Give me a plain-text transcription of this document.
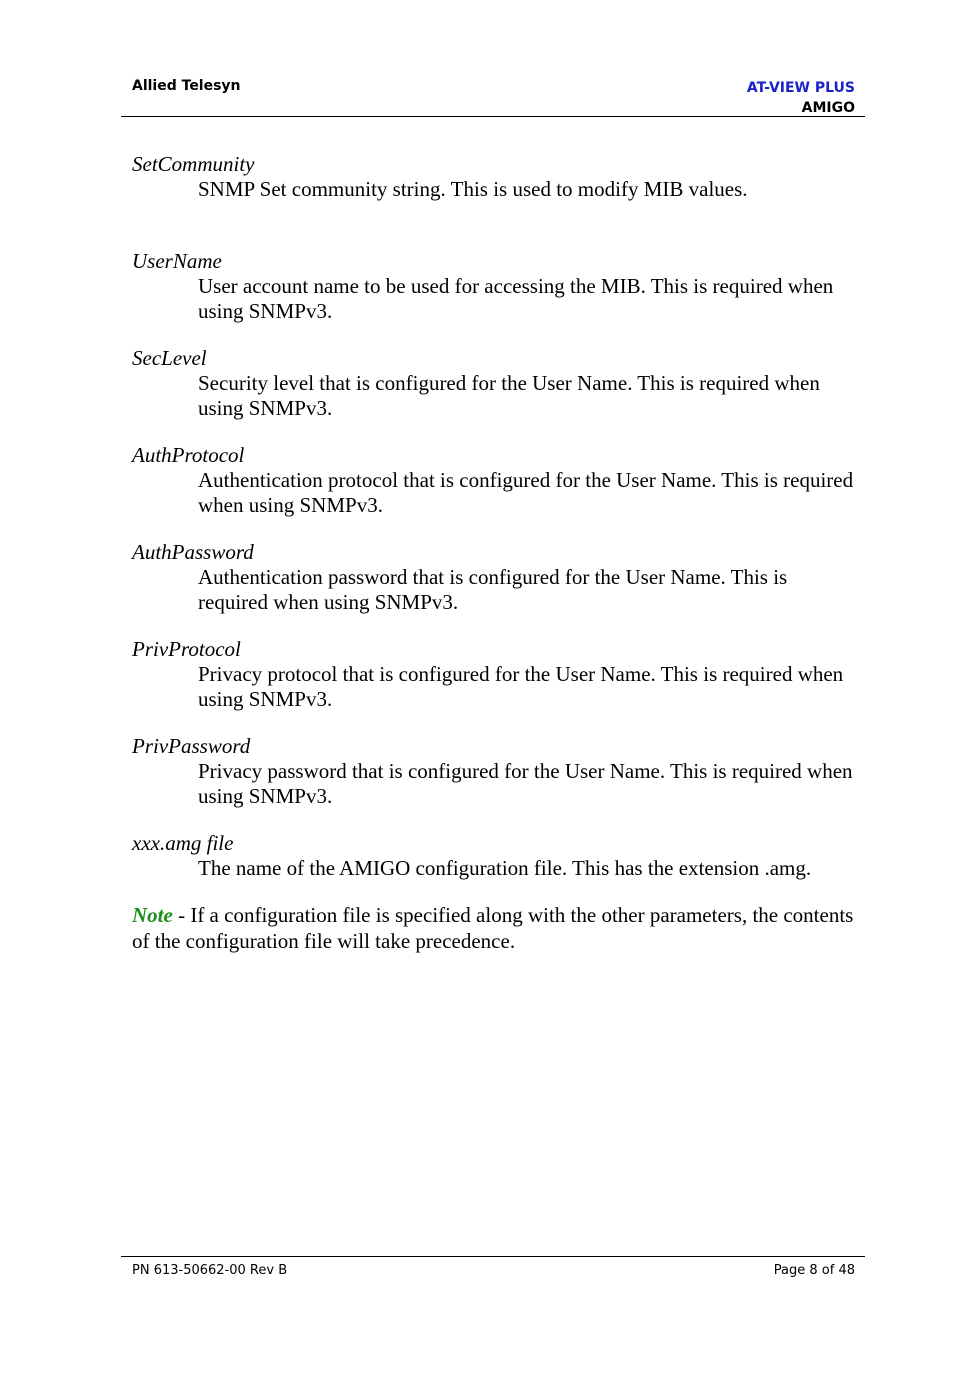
Allied Telesyn	AT-VIEW PLUS
AMIGO
SetCommunity
SNMP Set community string. This is used to modify MIB values.
UserName
User account name to be used for accessing the MIB. This is required when using SNMPv3.
SecLevel
Security level that is configured for the User Name. This is required when using SNMPv3.
AuthProtocol
Authentication protocol that is configured for the User Name. This is required when using SNMPv3.
AuthPassword
Authentication password that is configured for the User Name. This is required when using SNMPv3.
PrivProtocol
Privacy protocol that is configured for the User Name. This is required when using SNMPv3.
PrivPassword
Privacy password that is configured for the User Name. This is required when using SNMPv3.
xxx.amg file
The name of the AMIGO configuration file. This has the extension .amg.
Note - If a configuration file is specified along with the other parameters, the contents of the configuration file will take precedence.
PN 613-50662-00 Rev B	Page 8 of 48
